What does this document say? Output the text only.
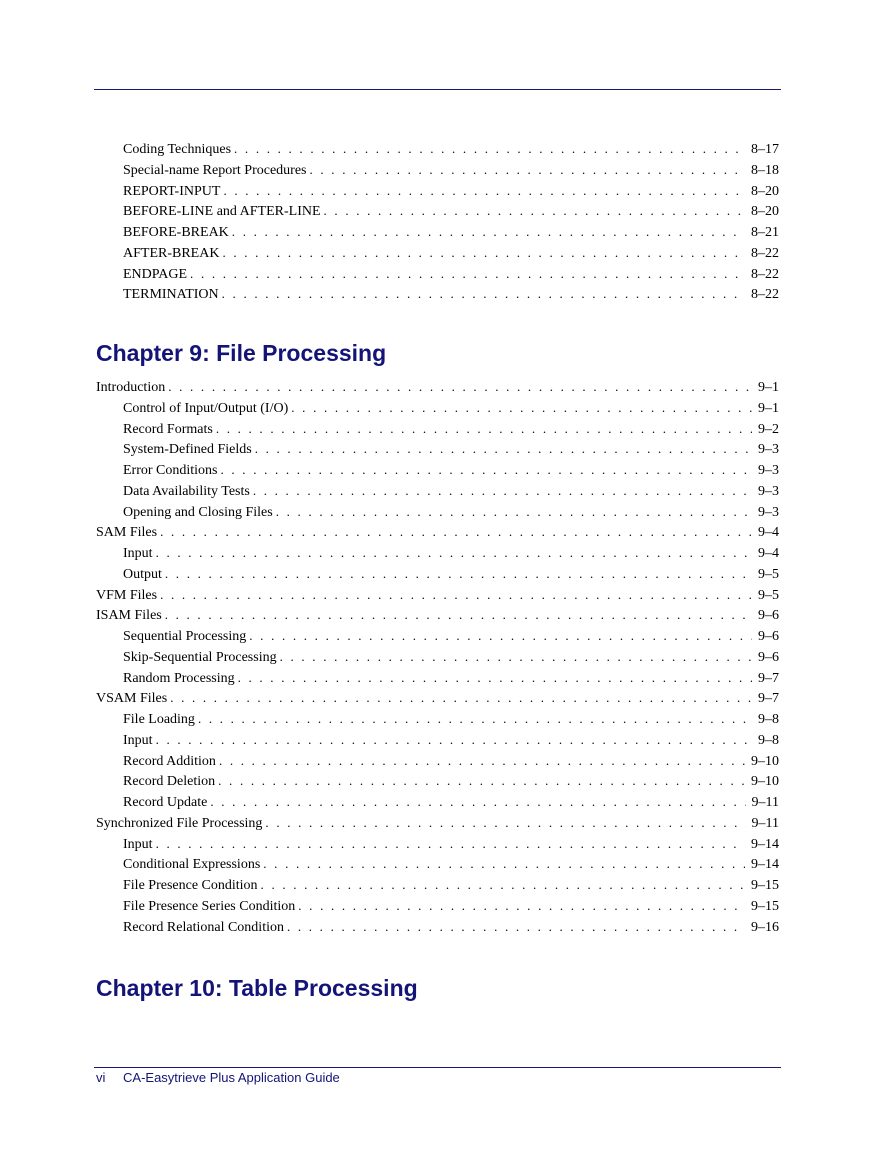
Coding Techniques . . .	8–17
Special-name Report Procedures . . .	8–18
REPORT-INPUT . . .	8–20
BEFORE-LINE and AFTER-LINE . . .	8–20
BEFORE-BREAK . . .	8–21
AFTER-BREAK . . .	8–22
ENDPAGE . . .	8–22
TERMINATION . . .	8–22
Chapter 9: File Processing
Introduction . . .	9–1
Control of Input/Output (I/O) . . .	9–1
Record Formats . . .	9–2
System-Defined Fields . . .	9–3
Error Conditions . . .	9–3
Data Availability Tests . . .	9–3
Opening and Closing Files . . .	9–3
SAM Files . . .	9–4
Input . . .	9–4
Output . . .	9–5
VFM Files . . .	9–5
ISAM Files . . .	9–6
Sequential Processing . . .	9–6
Skip-Sequential Processing . . .	9–6
Random Processing . . .	9–7
VSAM Files . . .	9–7
File Loading . . .	9–8
Input . . .	9–8
Record Addition . . .	9–10
Record Deletion . . .	9–10
Record Update . . .	9–11
Synchronized File Processing . . .	9–11
Input . . .	9–14
Conditional Expressions . . .	9–14
File Presence Condition . . .	9–15
File Presence Series Condition . . .	9–15
Record Relational Condition . . .	9–16
Chapter 10: Table Processing
vi CA-Easytrieve Plus Application Guide
